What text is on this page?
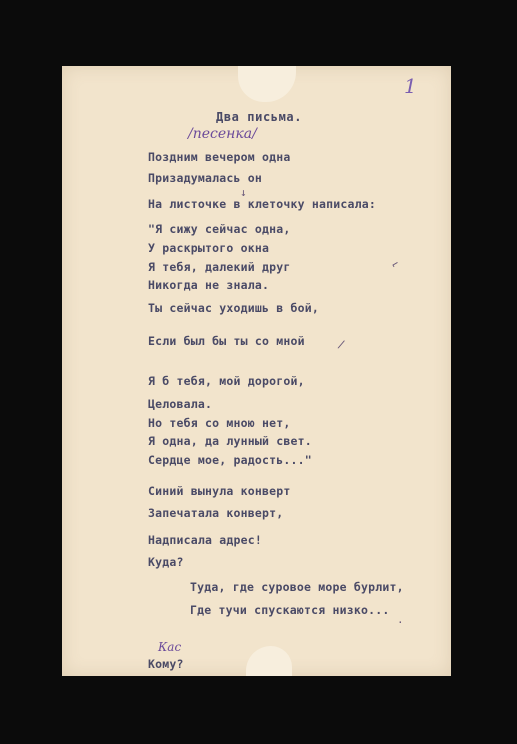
1
Два письма.
/песенка/
Поздним вечером одна
Призадумалась он
На листочке в клеточку написала:
"Я сижу сейчас одна,
У раскрытого окна
Я тебя, далекий друг
Никогда не знала.
Ты сейчас уходишь в бой,
Если был бы ты со мной
Я б тебя, мой дорогой,
Целовала.
Но тебя со мною нет,
Я одна, да лунный свет.
Сердце мое, радость..."
Синий вынула конверт
Запечатала конверт,
Надписала адрес!
Куда?
Туда, где суровое море бурлит,
Где тучи спускаются низко...
Кому?
Кас
↓
⌐
/
·
